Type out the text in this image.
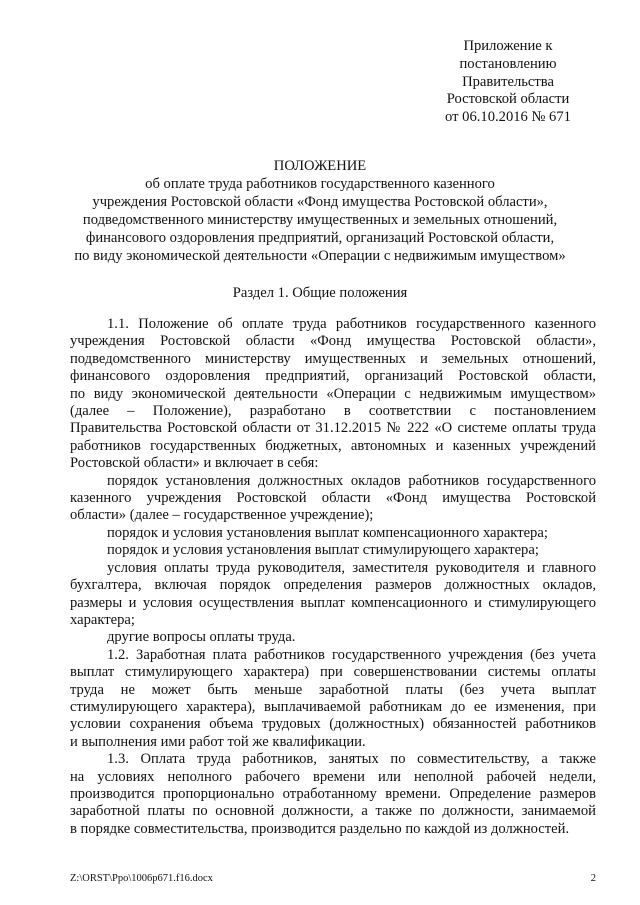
Приложение к
постановлению
Правительства
Ростовской области
от 06.10.2016 № 671
ПОЛОЖЕНИЕ
об оплате труда работников государственного казенного
учреждения Ростовской области «Фонд имущества Ростовской области»,
подведомственного министерству имущественных и земельных отношений,
финансового оздоровления предприятий, организаций Ростовской области,
по виду экономической деятельности «Операции с недвижимым имуществом»
Раздел 1. Общие положения
1.1. Положение об оплате труда работников государственного казенного
учреждения Ростовской области «Фонд имущества Ростовской области»,
подведомственного министерству имущественных и земельных отношений,
финансового оздоровления предприятий, организаций Ростовской области,
по виду экономической деятельности «Операции с недвижимым имуществом»
(далее – Положение), разработано в соответствии с постановлением
Правительства Ростовской области от 31.12.2015 № 222 «О системе оплаты труда
работников государственных бюджетных, автономных и казенных учреждений
Ростовской области» и включает в себя:
порядок установления должностных окладов работников государственного
казенного учреждения Ростовской области «Фонд имущества Ростовской
области» (далее – государственное учреждение);
порядок и условия установления выплат компенсационного характера;
порядок и условия установления выплат стимулирующего характера;
условия оплаты труда руководителя, заместителя руководителя и главного
бухгалтера, включая порядок определения размеров должностных окладов,
размеры и условия осуществления выплат компенсационного и стимулирующего
характера;
другие вопросы оплаты труда.
1.2. Заработная плата работников государственного учреждения (без учета
выплат стимулирующего характера) при совершенствовании системы оплаты
труда не может быть меньше заработной платы (без учета выплат
стимулирующего характера), выплачиваемой работникам до ее изменения, при
условии сохранения объема трудовых (должностных) обязанностей работников
и выполнения ими работ той же квалификации.
1.3. Оплата труда работников, занятых по совместительству, а также
на условиях неполного рабочего времени или неполной рабочей недели,
производится пропорционально отработанному времени. Определение размеров
заработной платы по основной должности, а также по должности, занимаемой
в порядке совместительства, производится раздельно по каждой из должностей.
Z:\ORST\Ppo\1006p671.f16.docx	2
